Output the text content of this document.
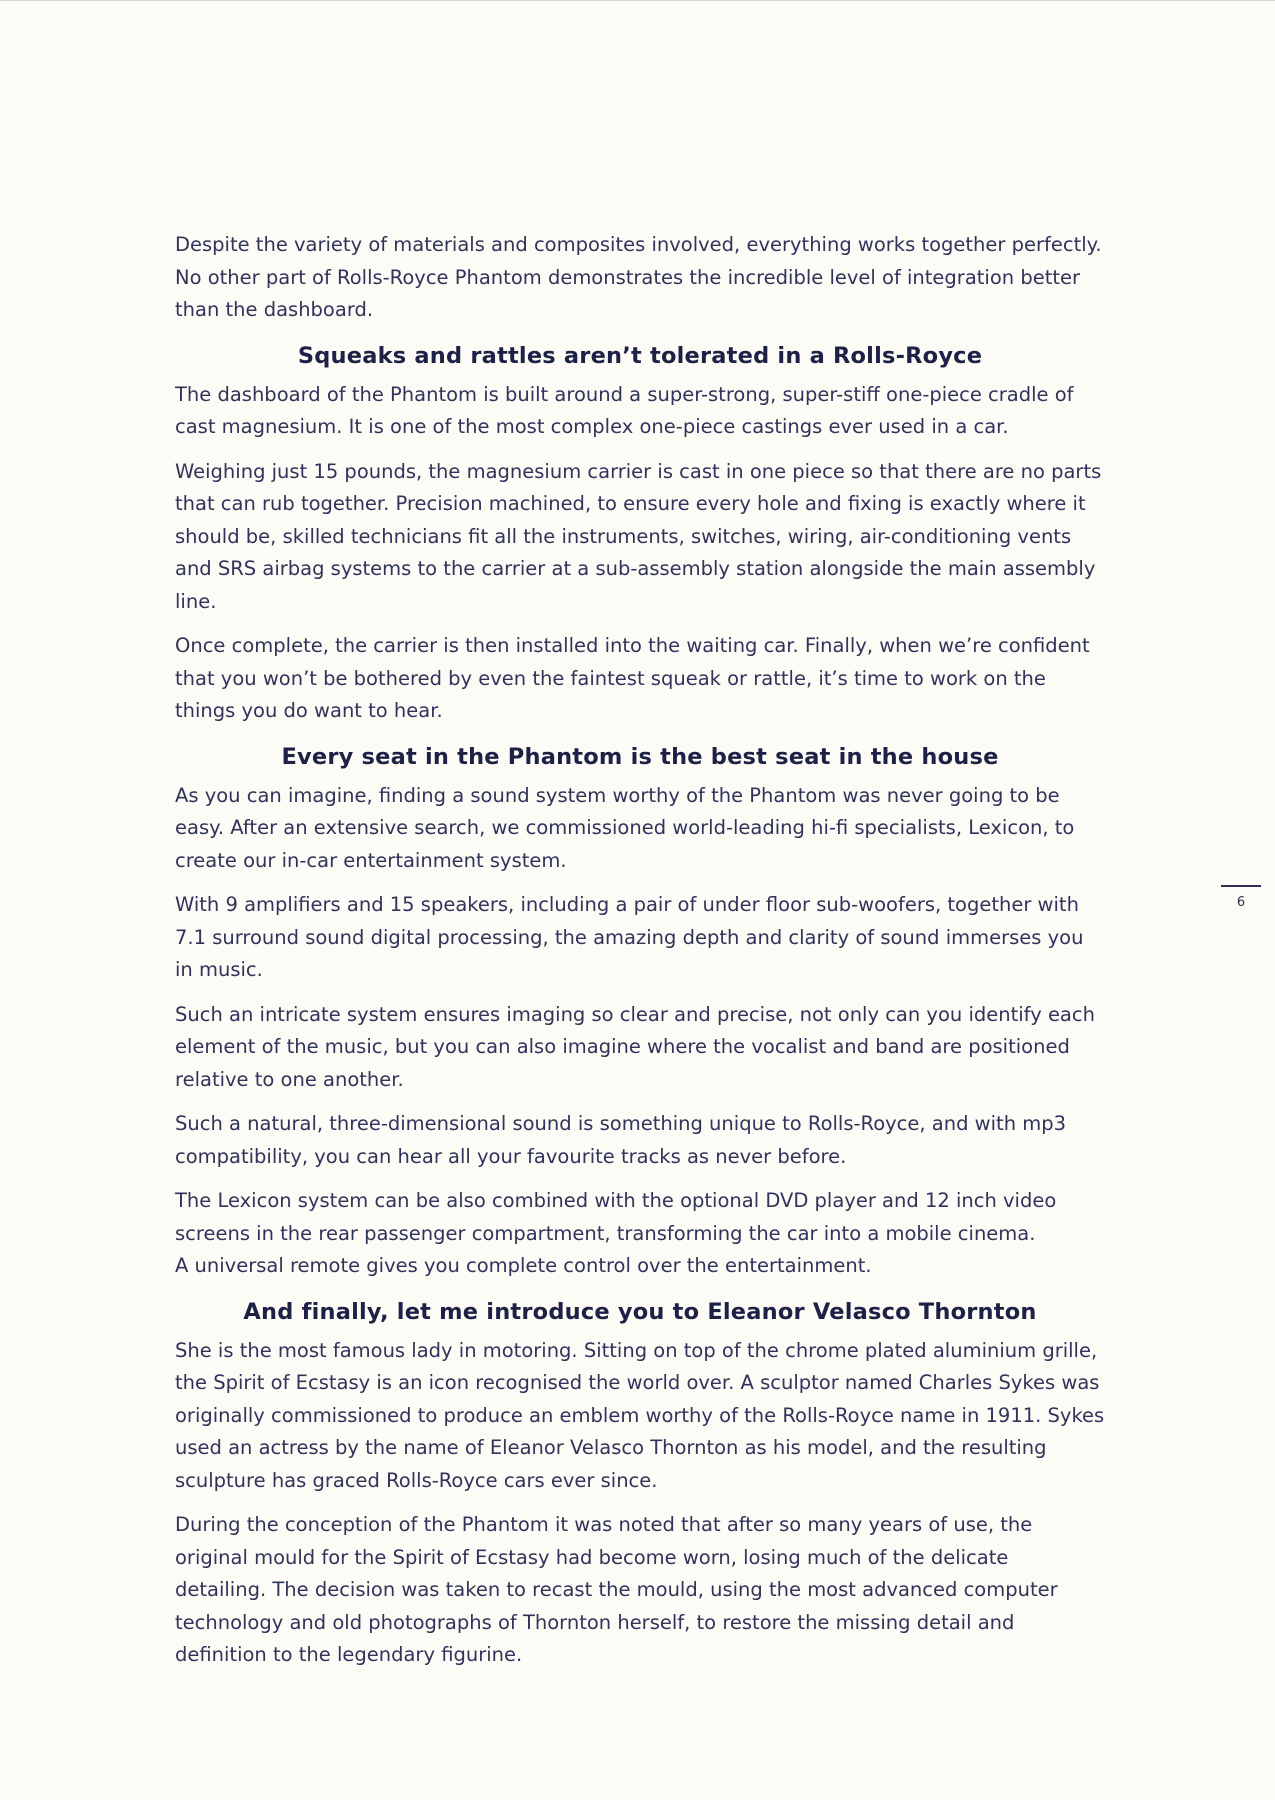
Despite the variety of materials and composites involved, everything works together perfectly. No other part of Rolls-Royce Phantom demonstrates the incredible level of integration better than the dashboard.

Squeaks and rattles aren’t tolerated in a Rolls-Royce

The dashboard of the Phantom is built around a super-strong, super-stiff one-piece cradle of cast magnesium. It is one of the most complex one-piece castings ever used in a car.

Weighing just 15 pounds, the magnesium carrier is cast in one piece so that there are no parts that can rub together. Precision machined, to ensure every hole and fixing is exactly where it should be, skilled technicians fit all the instruments, switches, wiring, air-conditioning vents and SRS airbag systems to the carrier at a sub-assembly station alongside the main assembly line.

Once complete, the carrier is then installed into the waiting car. Finally, when we’re confident that you won’t be bothered by even the faintest squeak or rattle, it’s time to work on the things you do want to hear.

Every seat in the Phantom is the best seat in the house

As you can imagine, finding a sound system worthy of the Phantom was never going to be easy. After an extensive search, we commissioned world-leading hi-fi specialists, Lexicon, to create our in-car entertainment system.

With 9 amplifiers and 15 speakers, including a pair of under floor sub-woofers, together with 7.1 surround sound digital processing, the amazing depth and clarity of sound immerses you in music.

Such an intricate system ensures imaging so clear and precise, not only can you identify each element of the music, but you can also imagine where the vocalist and band are positioned relative to one another.

Such a natural, three-dimensional sound is something unique to Rolls-Royce, and with mp3 compatibility, you can hear all your favourite tracks as never before.

The Lexicon system can be also combined with the optional DVD player and 12 inch video screens in the rear passenger compartment, transforming the car into a mobile cinema.

A universal remote gives you complete control over the entertainment.

And finally, let me introduce you to Eleanor Velasco Thornton

She is the most famous lady in motoring. Sitting on top of the chrome plated aluminium grille, the Spirit of Ecstasy is an icon recognised the world over. A sculptor named Charles Sykes was originally commissioned to produce an emblem worthy of the Rolls-Royce name in 1911. Sykes used an actress by the name of Eleanor Velasco Thornton as his model, and the resulting sculpture has graced Rolls-Royce cars ever since.

During the conception of the Phantom it was noted that after so many years of use, the original mould for the Spirit of Ecstasy had become worn, losing much of the delicate detailing. The decision was taken to recast the mould, using the most advanced computer technology and old photographs of Thornton herself, to restore the missing detail and definition to the legendary figurine.

6
